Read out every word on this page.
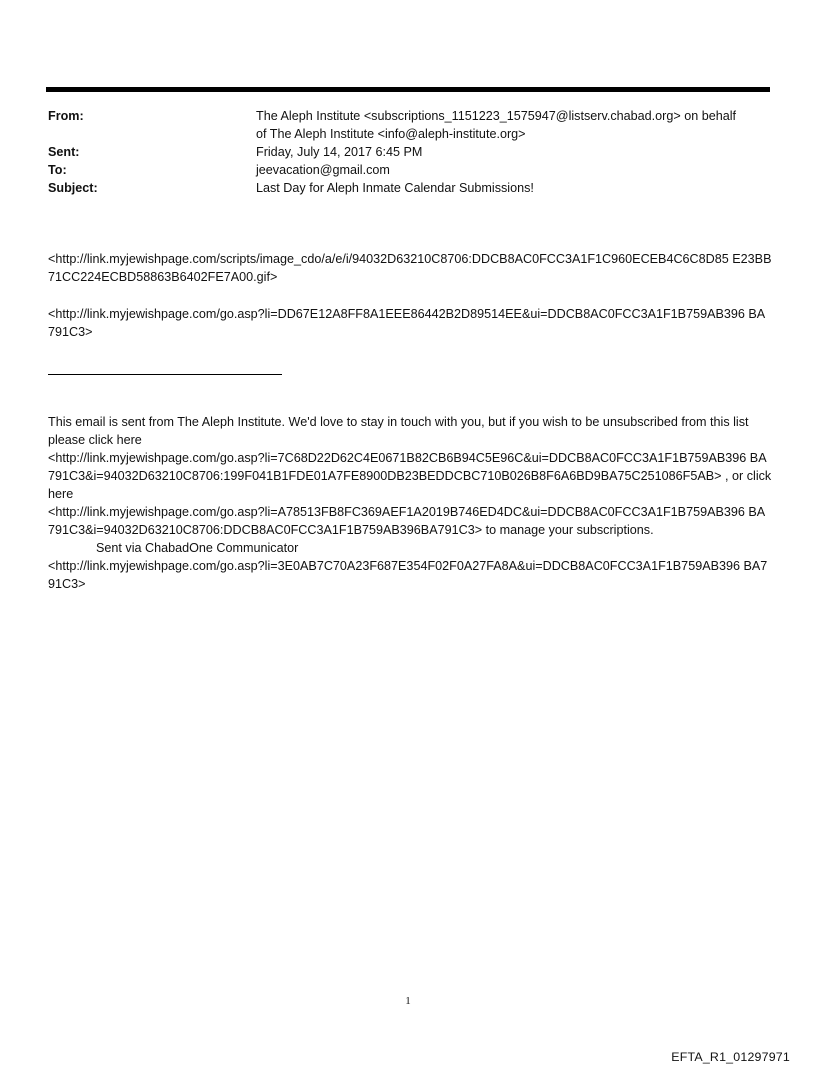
From:	The Aleph Institute <subscriptions_1151223_1575947@listserv.chabad.org> on behalf
of The Aleph Institute <info@aleph-institute.org>
Sent:	Friday, July 14, 2017 6:45 PM
To:	jeevacation@gmail.com
Subject:	Last Day for Aleph Inmate Calendar Submissions!
<http://link.myjewishpage.com/scripts/image_cdo/a/e/i/94032D63210C8706:DDCB8AC0FCC3A1F1C960ECEB4C6C8D85 E23BB71CC224ECBD58863B6402FE7A00.gif>
<http://link.myjewishpage.com/go.asp?li=DD67E12A8FF8A1EEE86442B2D89514EE&ui=DDCB8AC0FCC3A1F1B759AB396 BA791C3>
This email is sent from The Aleph Institute. We'd love to stay in touch with you, but if you wish to be unsubscribed from this list please click here
<http://link.myjewishpage.com/go.asp?li=7C68D22D62C4E0671B82CB6B94C5E96C&ui=DDCB8AC0FCC3A1F1B759AB396 BA791C3&i=94032D63210C8706:199F041B1FDE01A7FE8900DB23BEDDCBC710B026B8F6A6BD9BA75C251086F5AB> , or click here
<http://link.myjewishpage.com/go.asp?li=A78513FB8FC369AEF1A2019B746ED4DC&ui=DDCB8AC0FCC3A1F1B759AB396 BA791C3&i=94032D63210C8706:DDCB8AC0FCC3A1F1B759AB396BA791C3> to manage your subscriptions.
Sent via ChabadOne Communicator
<http://link.myjewishpage.com/go.asp?li=3E0AB7C70A23F687E354F02F0A27FA8A&ui=DDCB8AC0FCC3A1F1B759AB396 BA791C3>
1
EFTA_R1_01297971
